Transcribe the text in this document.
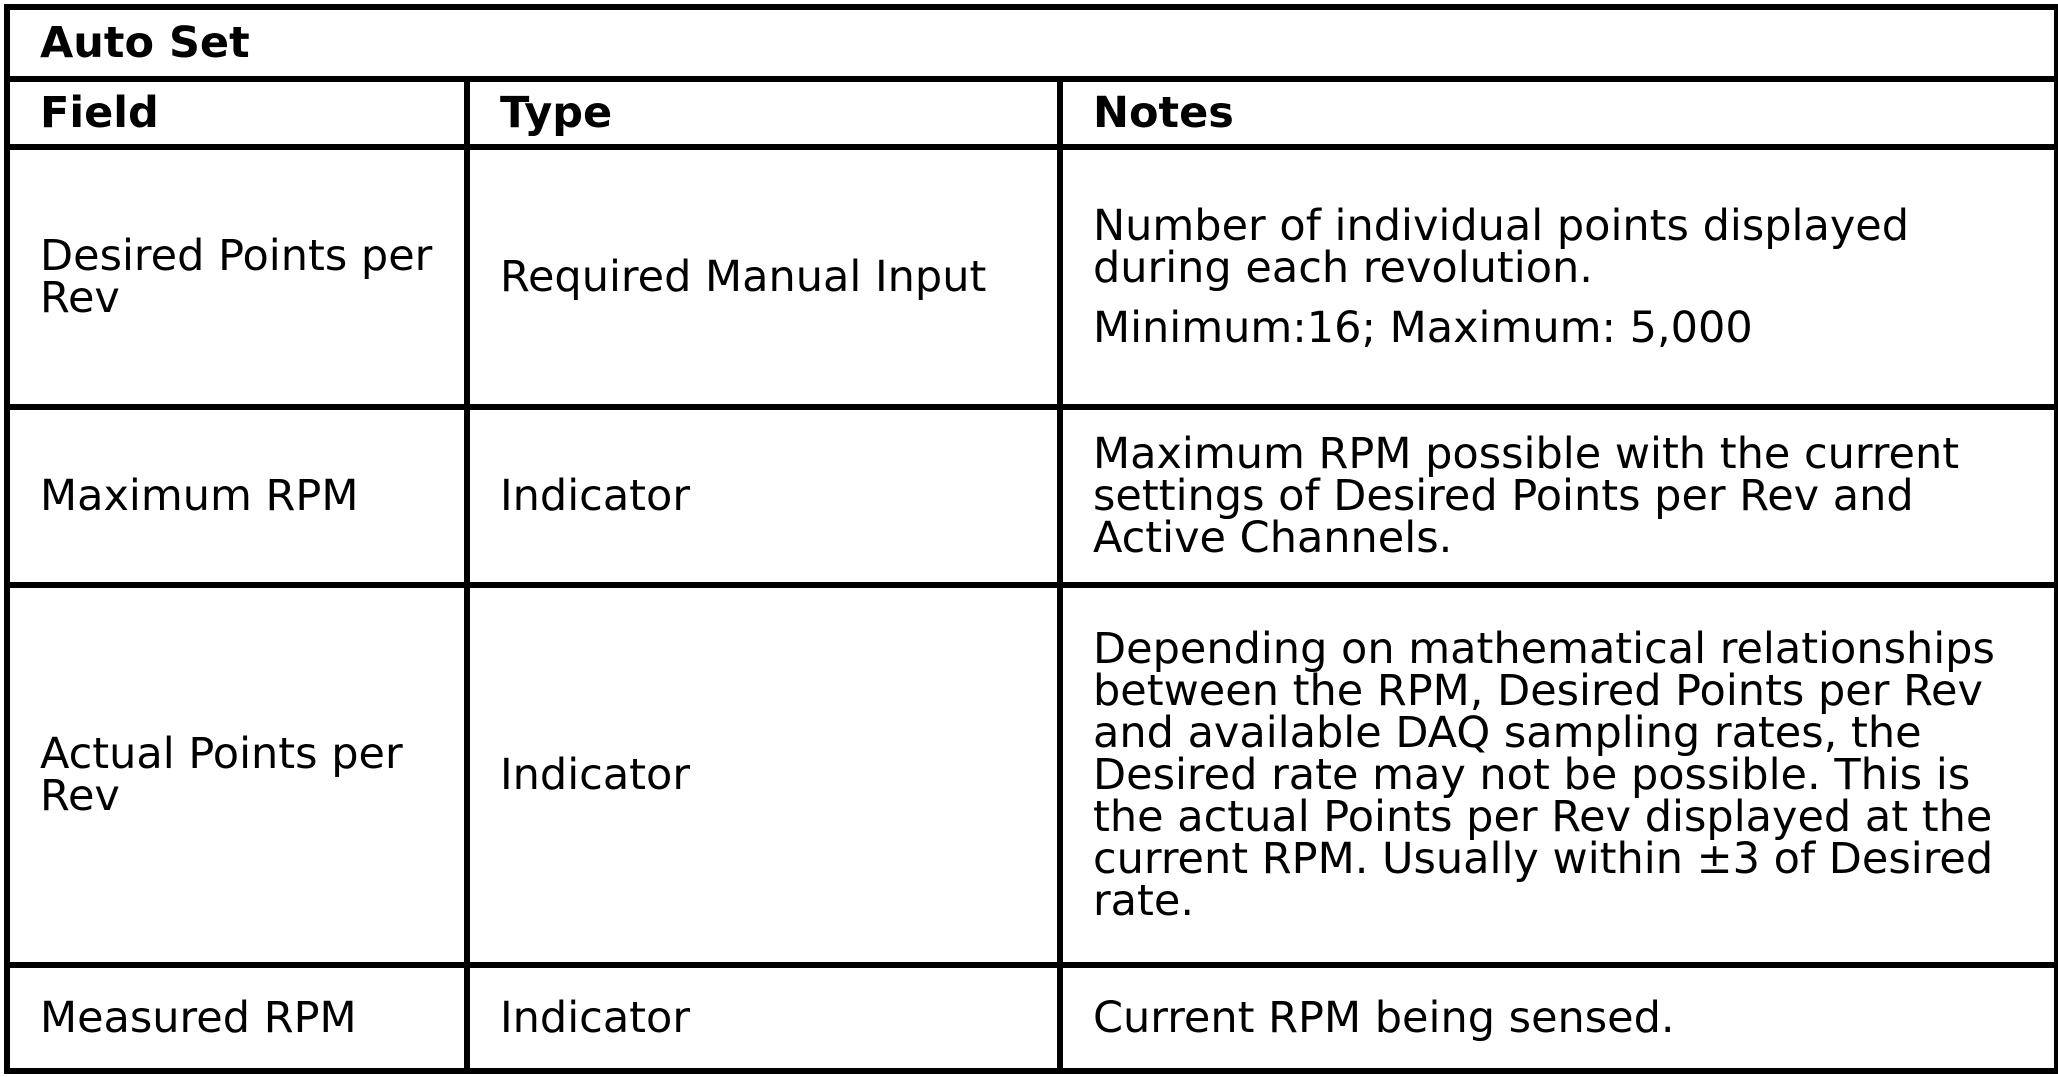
Auto Set		
Field	Type	Notes
Desired Points per Rev	Required Manual Input	Number of individual points displayed during each revolution.
Minimum:16; Maximum: 5,000

Maximum RPM	Indicator	Maximum RPM possible with the current settings of Desired Points per Rev and Active Channels.

Actual Points per Rev	Indicator	Depending on mathematical relationships between the RPM, Desired Points per Rev and available DAQ sampling rates, the Desired rate may not be possible. This is the actual Points per Rev displayed at the current RPM. Usually within ±3 of Desired rate.

Measured RPM	Indicator	Current RPM being sensed.
